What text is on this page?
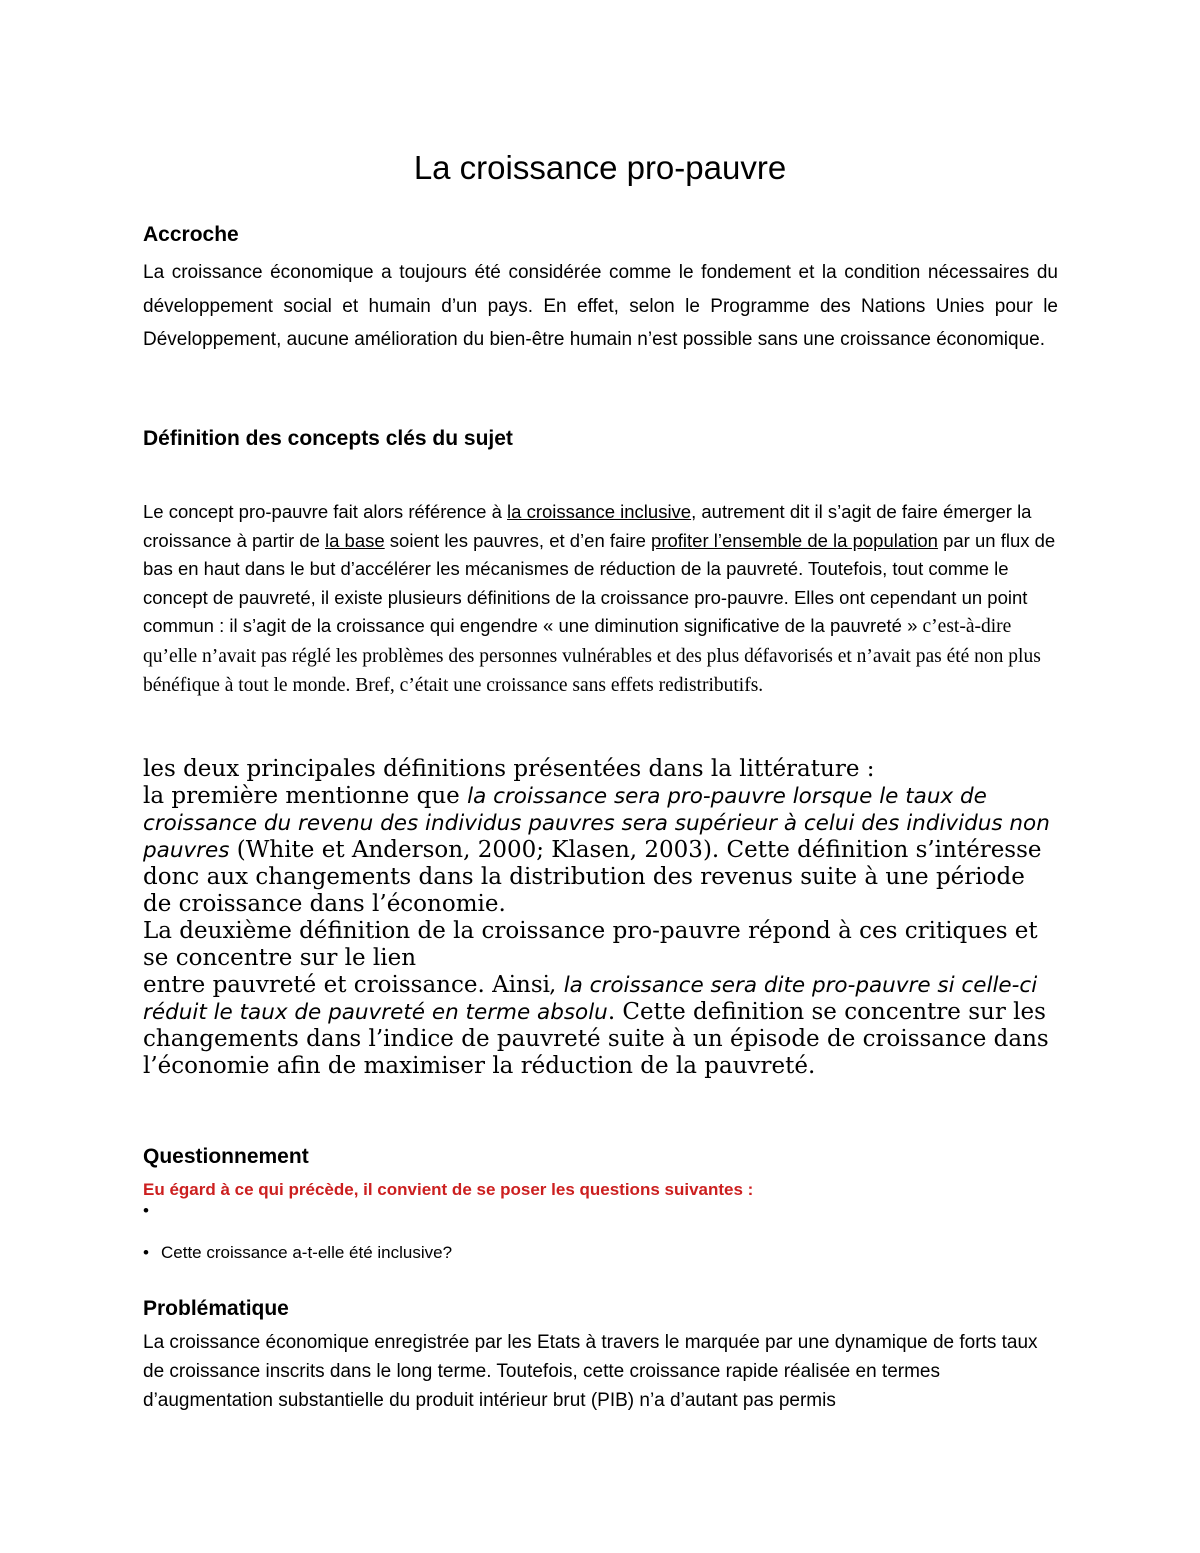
La croissance pro-pauvre
Accroche

La croissance économique a toujours été considérée comme le fondement et la condition nécessaires du développement social et humain d’un pays. En effet, selon le Programme des Nations Unies pour le Développement, aucune amélioration du bien-être humain n’est possible sans une croissance économique.

Définition des concepts clés du sujet

Le concept pro-pauvre fait alors référence à la croissance inclusive, autrement dit il s’agit de faire émerger la croissance à partir de la base soient les pauvres, et d’en faire profiter l’ensemble de la population par un flux de bas en haut dans le but d’accélérer les mécanismes de réduction de la pauvreté. Toutefois, tout comme le concept de pauvreté, il existe plusieurs définitions de la croissance pro-pauvre. Elles ont cependant un point commun : il s’agit de la croissance qui engendre « une diminution significative de la pauvreté » c’est-à-dire qu’elle n’avait pas réglé les problèmes des personnes vulnérables et des plus défavorisés et n’avait pas été non plus bénéfique à tout le monde. Bref, c’était une croissance sans effets redistributifs.

les deux principales définitions présentées dans la littérature :
la première mentionne que la croissance sera pro-pauvre lorsque le taux de croissance du revenu des individus pauvres sera supérieur à celui des individus non pauvres (White et Anderson, 2000; Klasen, 2003). Cette définition s’intéresse donc aux changements dans la distribution des revenus suite à une période de croissance dans l’économie.
La deuxième définition de la croissance pro-pauvre répond à ces critiques et se concentre sur le lien
entre pauvreté et croissance. Ainsi, la croissance sera dite pro-pauvre si celle-ci réduit le taux de pauvreté en terme absolu. Cette definition se concentre sur les changements dans l’indice de pauvreté suite à un épisode de croissance dans l’économie afin de maximiser la réduction de la pauvreté.
Questionnement

Eu égard à ce qui précède, il convient de se poser les questions suivantes :

•
• Cette croissance a-t-elle été inclusive?
Problématique

La croissance économique enregistrée par les Etats à travers le marquée par une dynamique de forts taux de croissance inscrits dans le long terme. Toutefois, cette croissance rapide réalisée en termes d’augmentation substantielle du produit intérieur brut (PIB) n’a d’autant pas permis
